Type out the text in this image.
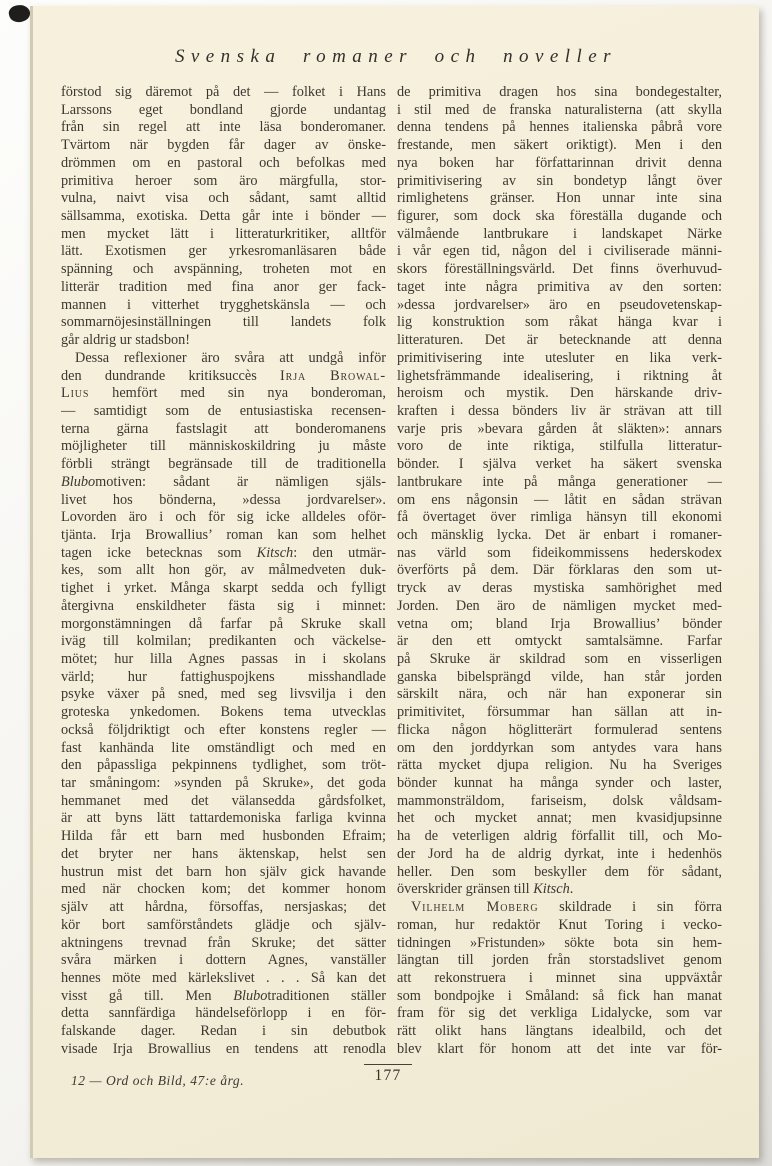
Svenska romaner och noveller
förstod sig däremot på det — folket i Hans
Larssons eget bondland gjorde undantag
från sin regel att inte läsa bonderomaner.
Tvärtom när bygden får dager av önske-
drömmen om en pastoral och befolkas med
primitiva heroer som äro märgfulla, stor-
vulna, naivt visa och sådant, samt alltid
sällsamma, exotiska. Detta går inte i bönder —
men mycket lätt i litteraturkritiker, alltför
lätt. Exotismen ger yrkesromanläsaren både
spänning och avspänning, troheten mot en
litterär tradition med fina anor ger fack-
mannen i vitterhet trygghetskänsla — och
sommarnöjesinställningen till landets folk
går aldrig ur stadsbon!
Dessa reflexioner äro svåra att undgå inför
den dundrande kritiksuccès Irja Browal-
Lius hemfört med sin nya bonderoman,
— samtidigt som de entusiastiska recensen-
terna gärna fastslagit att bonderomanens
möjligheter till människoskildring ju måste
förbli strängt begränsade till de traditionella
Blubomotiven: sådant är nämligen själs-
livet hos bönderna, »dessa jordvarelser».
Lovorden äro i och för sig icke alldeles oför-
tjänta. Irja Browallius’ roman kan som helhet
tagen icke betecknas som Kitsch: den utmär-
kes, som allt hon gör, av målmedveten duk-
tighet i yrket. Många skarpt sedda och fylligt
återgivna enskildheter fästa sig i minnet:
morgonstämningen då farfar på Skruke skall
iväg till kolmilan; predikanten och väckelse-
mötet; hur lilla Agnes passas in i skolans
värld; hur fattighuspojkens misshandlade
psyke växer på sned, med seg livsvilja i den
groteska ynkedomen. Bokens tema utvecklas
också följdriktigt och efter konstens regler —
fast kanhända lite omständligt och med en
den påpassliga pekpinnens tydlighet, som tröt-
tar småningom: »synden på Skruke», det goda
hemmanet med det välansedda gårdsfolket,
är att byns lätt tattardemoniska farliga kvinna
Hilda får ett barn med husbonden Efraim;
det bryter ner hans äktenskap, helst sen
hustrun mist det barn hon själv gick havande
med när chocken kom; det kommer honom
själv att hårdna, försoffas, nersjaskas; det
kör bort samförståndets glädje och själv-
aktningens trevnad från Skruke; det sätter
svåra märken i dottern Agnes, vanställer
hennes möte med kärlekslivet . . . Så kan det
visst gå till. Men Blubotraditionen ställer
detta sannfärdiga händelseförlopp i en för-
falskande dager. Redan i sin debutbok
visade Irja Browallius en tendens att renodla
de primitiva dragen hos sina bondegestalter,
i stil med de franska naturalisterna (att skylla
denna tendens på hennes italienska påbrå vore
frestande, men säkert oriktigt). Men i den
nya boken har författarinnan drivit denna
primitivisering av sin bondetyp långt över
rimlighetens gränser. Hon unnar inte sina
figurer, som dock ska föreställa dugande och
välmående lantbrukare i landskapet Närke
i vår egen tid, någon del i civiliserade männi-
skors föreställningsvärld. Det finns överhuvud-
taget inte några primitiva av den sorten:
»dessa jordvarelser» äro en pseudovetenskap-
lig konstruktion som råkat hänga kvar i
litteraturen. Det är betecknande att denna
primitivisering inte utesluter en lika verk-
lighetsfrämmande idealisering, i riktning åt
heroism och mystik. Den härskande driv-
kraften i dessa bönders liv är strävan att till
varje pris »bevara gården åt släkten»: annars
voro de inte riktiga, stilfulla litteratur-
bönder. I själva verket ha säkert svenska
lantbrukare inte på många generationer —
om ens någonsin — låtit en sådan strävan
få övertaget över rimliga hänsyn till ekonomi
och mänsklig lycka. Det är enbart i romaner-
nas värld som fideikommissens hederskodex
överförts på dem. Där förklaras den som ut-
tryck av deras mystiska samhörighet med
Jorden. Den äro de nämligen mycket med-
vetna om; bland Irja Browallius’ bönder
är den ett omtyckt samtalsämne. Farfar
på Skruke är skildrad som en visserligen
ganska bibelsprängd vilde, han står jorden
särskilt nära, och när han exponerar sin
primitivitet, försummar han sällan att in-
flicka någon höglitterärt formulerad sentens
om den jorddyrkan som antydes vara hans
rätta mycket djupa religion. Nu ha Sveriges
bönder kunnat ha många synder och laster,
mammonsträldom, fariseism, dolsk våldsam-
het och mycket annat; men kvasidjupsinne
ha de veterligen aldrig förfallit till, och Mo-
der Jord ha de aldrig dyrkat, inte i hedenhös
heller. Den som beskyller dem för sådant,
överskrider gränsen till Kitsch.
Vilhelm Moberg skildrade i sin förra
roman, hur redaktör Knut Toring i vecko-
tidningen »Fristunden» sökte bota sin hem-
längtan till jorden från storstadslivet genom
att rekonstruera i minnet sina uppväxtår
som bondpojke i Småland: så fick han manat
fram för sig det verkliga Lidalycke, som var
rätt olikt hans längtans idealbild, och det
blev klart för honom att det inte var för-
12 — Ord och Bild, 47:e årg.	177
